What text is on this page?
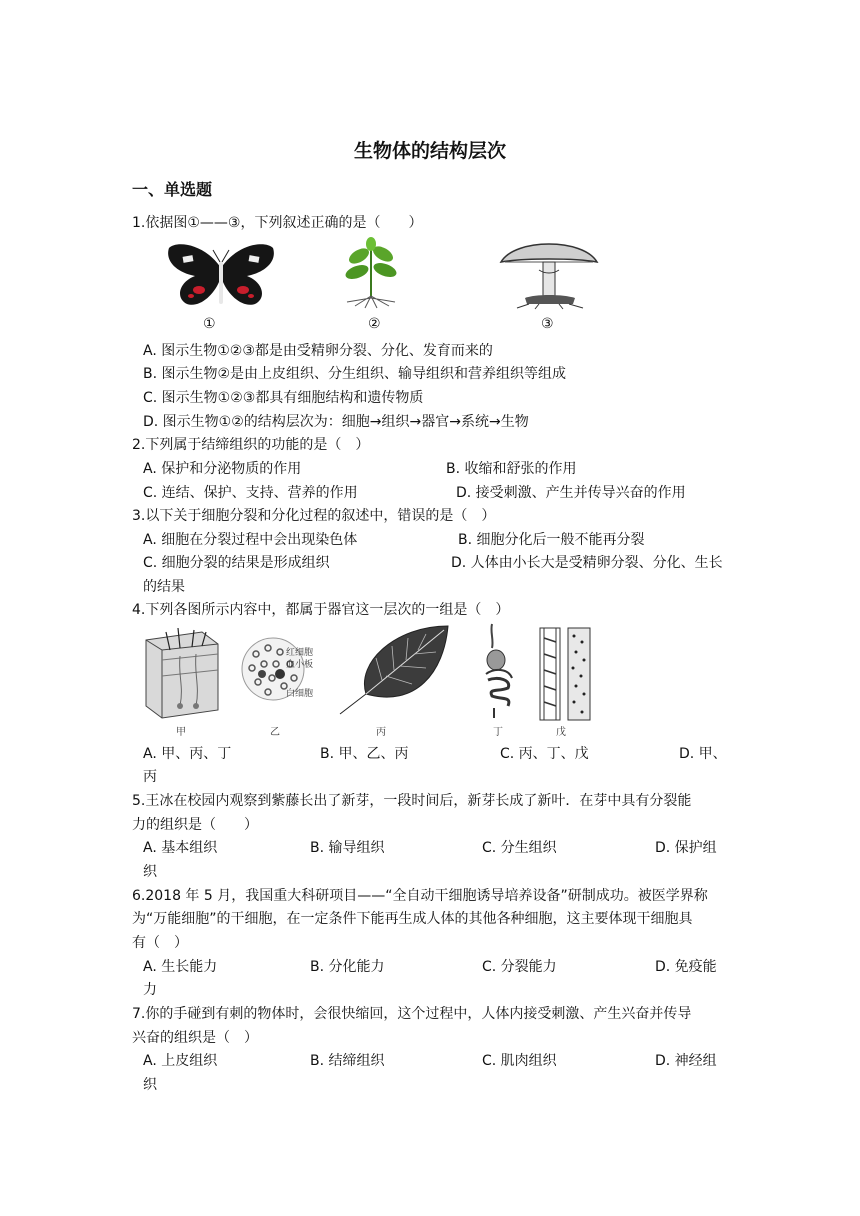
生物体的结构层次
一、单选题
1.依据图①——③，下列叙述正确的是（　　）
①	②	③
A. 图示生物①②③都是由受精卵分裂、分化、发育而来的
B. 图示生物②是由上皮组织、分生组织、输导组织和营养组织等组成
C. 图示生物①②③都具有细胞结构和遗传物质
D. 图示生物①②的结构层次为：细胞→组织→器官→系统→生物
2.下列属于结缔组织的功能的是（　）
A. 保护和分泌物质的作用	B. 收缩和舒张的作用
C. 连结、保护、支持、营养的作用	D. 接受刺激、产生并传导兴奋的作用
3.以下关于细胞分裂和分化过程的叙述中，错误的是（　）
A. 细胞在分裂过程中会出现染色体	B. 细胞分化后一般不能再分裂
C. 细胞分裂的结果是形成组织	D. 人体由小长大是受精卵分裂、分化、生长
的结果
4.下列各图所示内容中，都属于器官这一层次的一组是（　）
红细胞
血小板
白细胞
甲	乙	丙	丁	戊
A. 甲、丙、丁	B. 甲、乙、丙	C. 丙、丁、戊	D. 甲、
丙
5.王冰在校园内观察到紫藤长出了新芽，一段时间后，新芽长成了新叶．在芽中具有分裂能
力的组织是（　　）
A. 基本组织	B. 输导组织	C. 分生组织	D. 保护组
织
6.2018 年 5 月，我国重大科研项目——“全自动干细胞诱导培养设备”研制成功。被医学界称
为“万能细胞”的干细胞，在一定条件下能再生成人体的其他各种细胞，这主要体现干细胞具
有（　）
A. 生长能力	B. 分化能力	C. 分裂能力	D. 免疫能
力
7.你的手碰到有刺的物体时，会很快缩回，这个过程中，人体内接受刺激、产生兴奋并传导
兴奋的组织是（　）
A. 上皮组织	B. 结缔组织	C. 肌肉组织	D. 神经组
织
